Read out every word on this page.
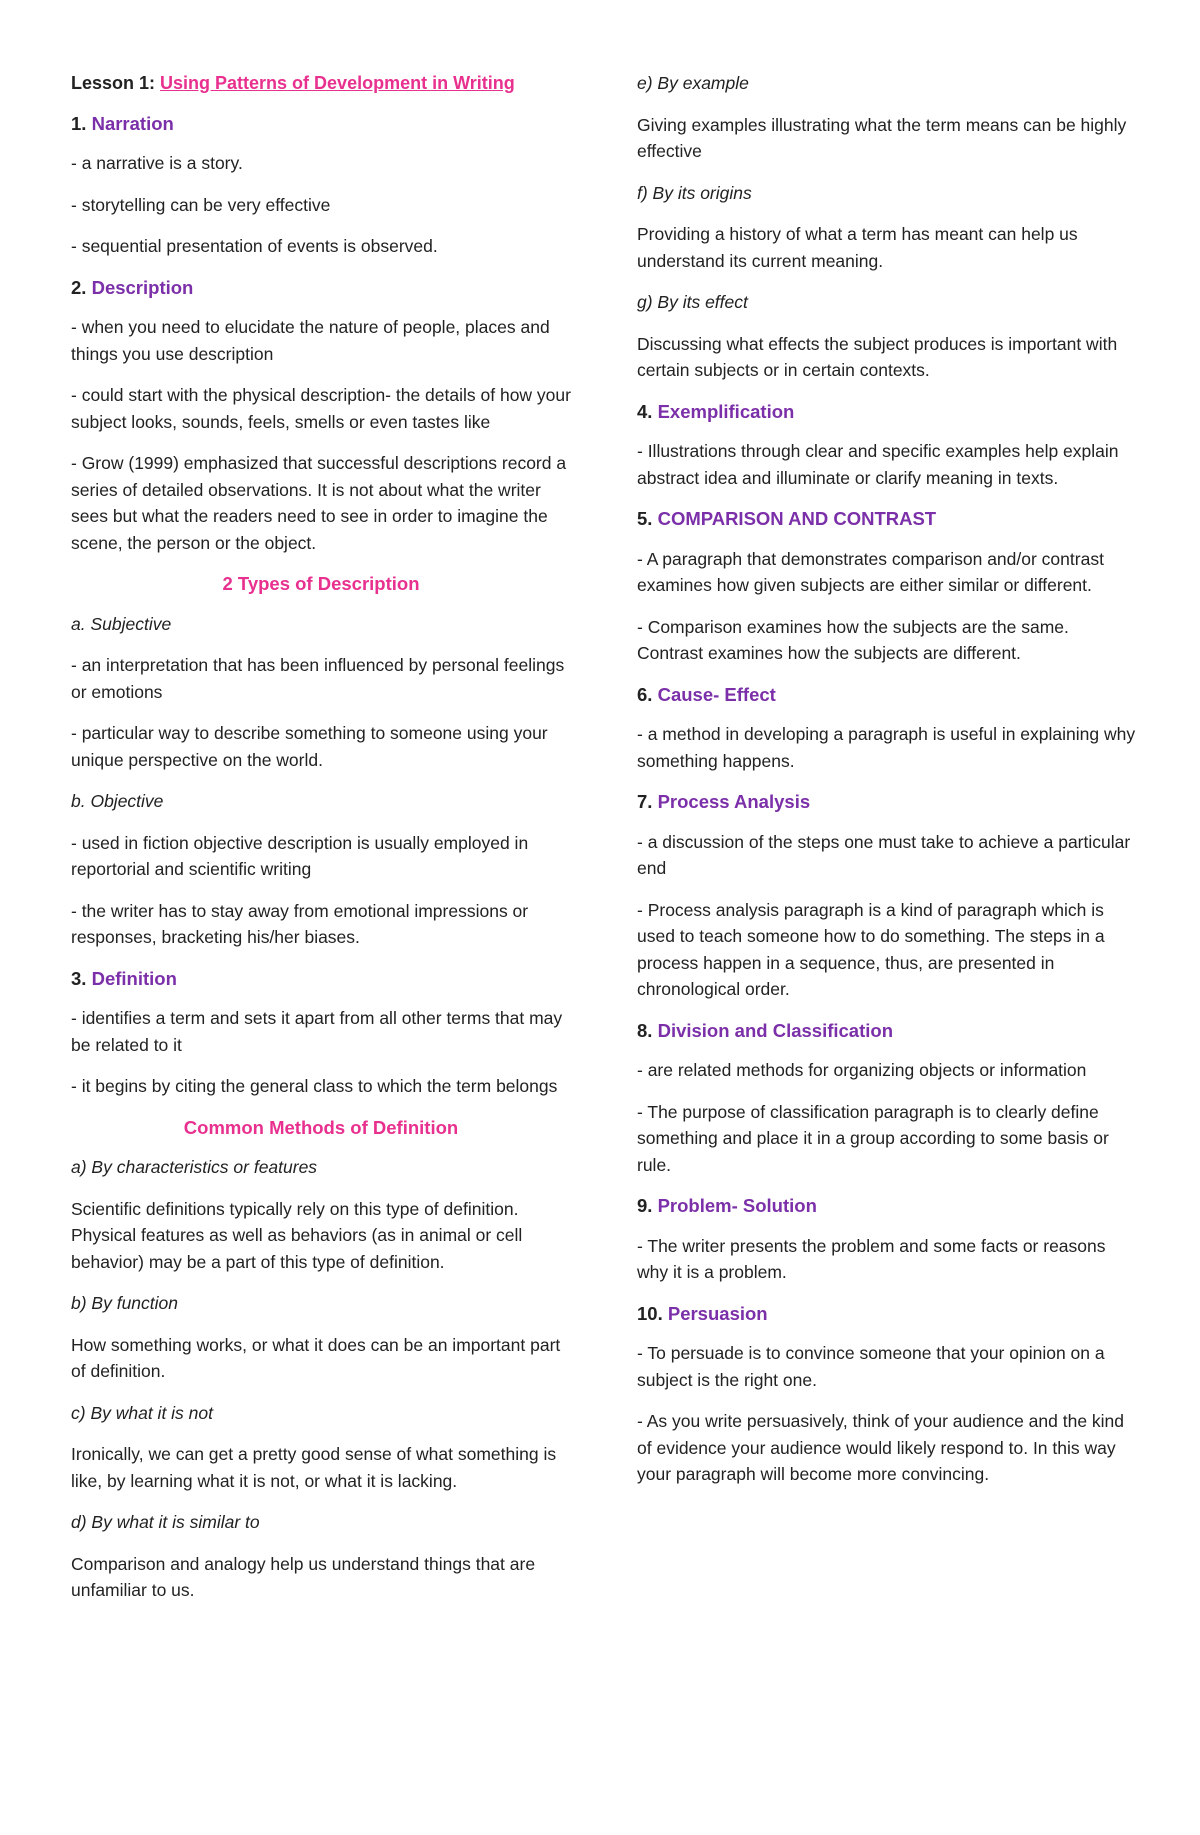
Lesson 1: Using Patterns of Development in Writing

1. Narration

- a narrative is a story.

- storytelling can be very effective

- sequential presentation of events is observed.

2. Description

- when you need to elucidate the nature of people, places and things you use description

- could start with the physical description- the details of how your subject looks, sounds, feels, smells or even tastes like

- Grow (1999) emphasized that successful descriptions record a series of detailed observations. It is not about what the writer sees but what the readers need to see in order to imagine the scene, the person or the object.

2 Types of Description

a. Subjective

- an interpretation that has been influenced by personal feelings or emotions

- particular way to describe something to someone using your unique perspective on the world.

b. Objective

- used in fiction objective description is usually employed in reportorial and scientific writing

- the writer has to stay away from emotional impressions or responses, bracketing his/her biases.

3. Definition

- identifies a term and sets it apart from all other terms that may be related to it

- it begins by citing the general class to which the term belongs

Common Methods of Definition

a) By characteristics or features

Scientific definitions typically rely on this type of definition. Physical features as well as behaviors (as in animal or cell behavior) may be a part of this type of definition.

b) By function

How something works, or what it does can be an important part of definition.

c) By what it is not

Ironically, we can get a pretty good sense of what something is like, by learning what it is not, or what it is lacking.

d) By what it is similar to

Comparison and analogy help us understand things that are unfamiliar to us.

e) By example

Giving examples illustrating what the term means can be highly effective

f) By its origins

Providing a history of what a term has meant can help us understand its current meaning.

g) By its effect

Discussing what effects the subject produces is important with certain subjects or in certain contexts.

4. Exemplification

- Illustrations through clear and specific examples help explain abstract idea and illuminate or clarify meaning in texts.

5. COMPARISON AND CONTRAST

- A paragraph that demonstrates comparison and/or contrast examines how given subjects are either similar or different.

- Comparison examines how the subjects are the same. Contrast examines how the subjects are different.

6. Cause- Effect

- a method in developing a paragraph is useful in explaining why something happens.

7. Process Analysis

- a discussion of the steps one must take to achieve a particular end

- Process analysis paragraph is a kind of paragraph which is used to teach someone how to do something. The steps in a process happen in a sequence, thus, are presented in chronological order.

8. Division and Classification

- are related methods for organizing objects or information

- The purpose of classification paragraph is to clearly define something and place it in a group according to some basis or rule.

9. Problem- Solution

- The writer presents the problem and some facts or reasons why it is a problem.

10. Persuasion

- To persuade is to convince someone that your opinion on a subject is the right one.

- As you write persuasively, think of your audience and the kind of evidence your audience would likely respond to. In this way your paragraph will become more convincing.
